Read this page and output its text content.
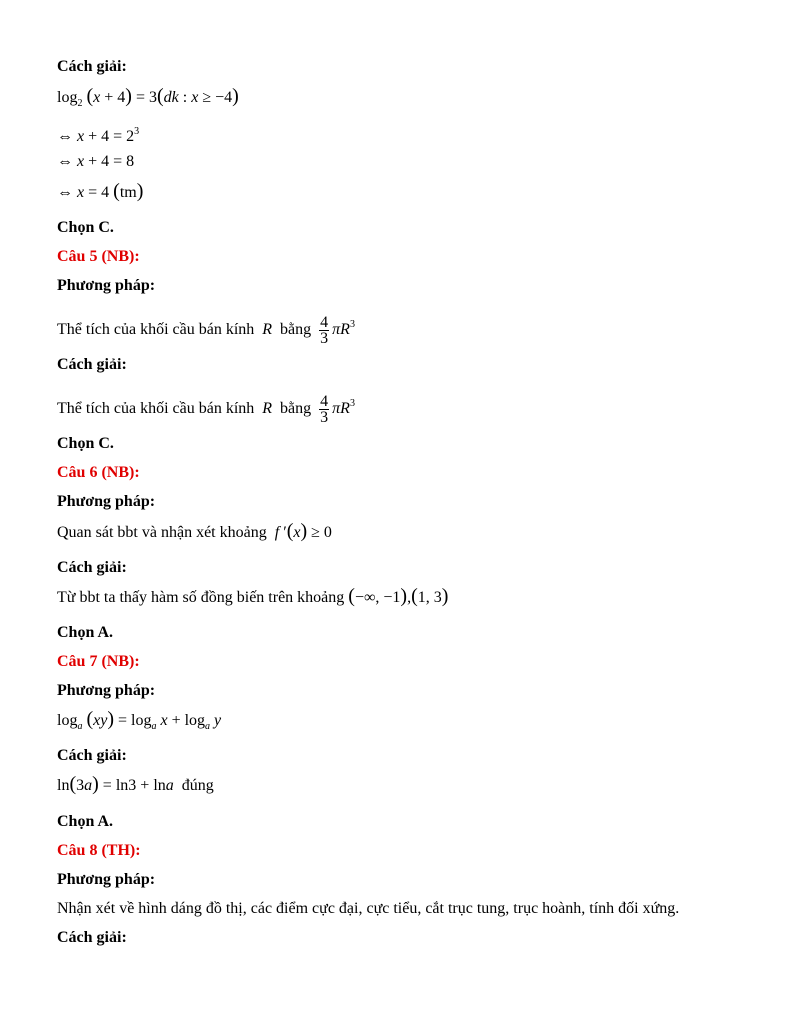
Cách giải:
$\log_2 (x + 4) = 3(dk$ : x ≥ −4)
⇔ $x + 4 = 2^3$
⇔ x + 4 = 8
⇔ x = 4 (tm)
Chọn C.
Câu 5 (NB):
Phương pháp:
Thể tích của khối cầu bán kính R bằng $\frac{4}{3} \pi R^3$
Cách giải:
Thể tích của khối cầu bán kính R bằng $\frac{4}{3} \pi R^3$
Chọn C.
Câu 6 (NB):
Phương pháp:
Quan sát bbt và nhận xét khoảng f ′(x) ≥ 0
Cách giải:
Từ bbt ta thấy hàm số đồng biến trên khoảng (−∞, −1),(1, 3)
Chọn A.
Câu 7 (NB):
Phương pháp:
$\log_a (xy) = \log_a x + \log_a y$
Cách giải:
ln(3a) = ln3 + lna đúng
Chọn A.
Câu 8 (TH):
Phương pháp:
Nhận xét về hình dáng đồ thị, các điểm cực đại, cực tiểu, cắt trục tung, trục hoành, tính đối xứng.
Cách giải:
